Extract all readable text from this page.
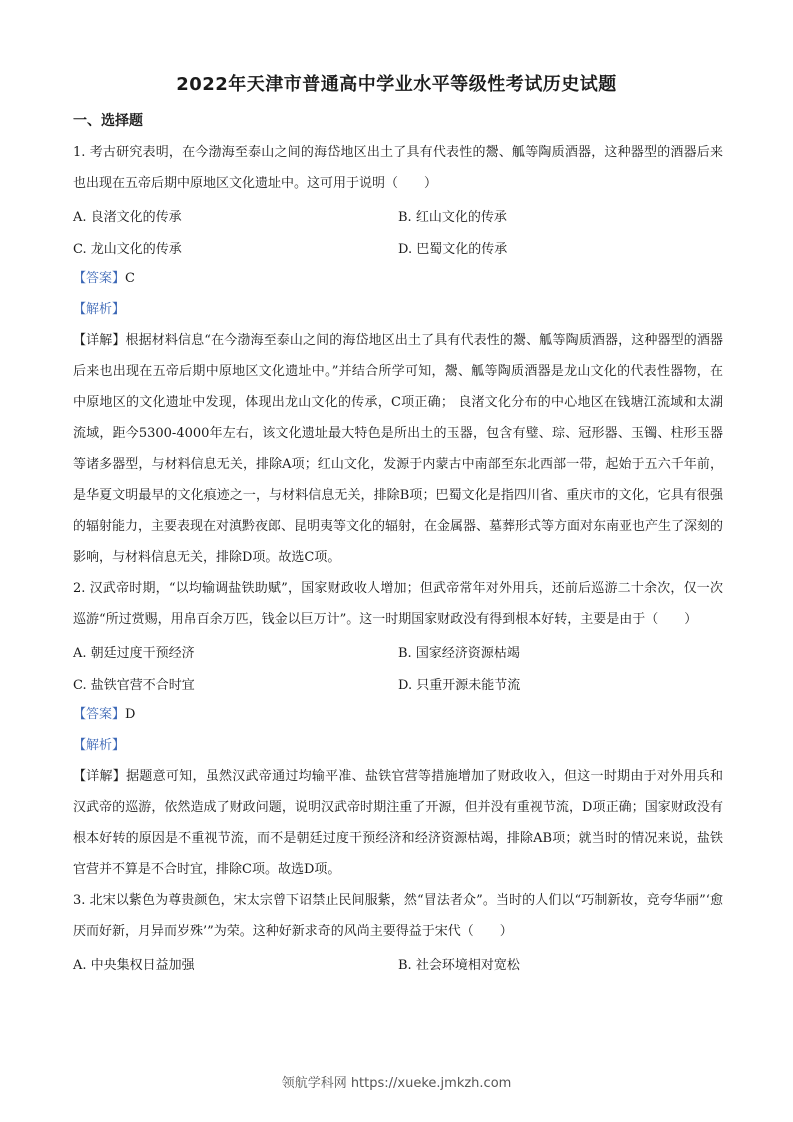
2022年天津市普通高中学业水平等级性考试历史试题
一、选择题

1. 考古研究表明，在今渤海至泰山之间的海岱地区出土了具有代表性的鬶、觚等陶质酒器，这种器型的酒器后来也出现在五帝后期中原地区文化遗址中。这可用于说明（　　）

A. 良渚文化的传承	B. 红山文化的传承
C. 龙山文化的传承	D. 巴蜀文化的传承

【答案】C

【解析】

【详解】根据材料信息“在今渤海至泰山之间的海岱地区出土了具有代表性的鬶、觚等陶质酒器，这种器型的酒器后来也出现在五帝后期中原地区文化遗址中。”并结合所学可知，鬶、觚等陶质酒器是龙山文化的代表性器物，在中原地区的文化遗址中发现，体现出龙山文化的传承，C项正确； 良渚文化分布的中心地区在钱塘江流域和太湖流域，距今5300-4000年左右，该文化遗址最大特色是所出土的玉器，包含有璧、琮、冠形器、玉镯、柱形玉器等诸多器型，与材料信息无关，排除A项；红山文化，发源于内蒙古中南部至东北西部一带，起始于五六千年前，是华夏文明最早的文化痕迹之一，与材料信息无关，排除B项；巴蜀文化是指四川省、重庆市的文化，它具有很强的辐射能力，主要表现在对滇黔夜郎、昆明夷等文化的辐射，在金属器、墓葬形式等方面对东南亚也产生了深刻的影响，与材料信息无关，排除D项。故选C项。

2. 汉武帝时期，“以均输调盐铁助赋”，国家财政收人增加；但武帝常年对外用兵，还前后巡游二十余次，仅一次巡游“所过赏赐，用帛百余万匹，钱金以巨万计”。这一时期国家财政没有得到根本好转，主要是由于（　　）

A. 朝廷过度干预经济	B. 国家经济资源枯竭
C. 盐铁官营不合时宜	D. 只重开源未能节流

【答案】D

【解析】

【详解】据题意可知，虽然汉武帝通过均输平准、盐铁官营等措施增加了财政收入，但这一时期由于对外用兵和汉武帝的巡游，依然造成了财政问题，说明汉武帝时期注重了开源，但并没有重视节流，D项正确；国家财政没有根本好转的原因是不重视节流，而不是朝廷过度干预经济和经济资源枯竭，排除AB项；就当时的情况来说，盐铁官营并不算是不合时宜，排除C项。故选D项。

3. 北宋以紫色为尊贵颜色，宋太宗曾下诏禁止民间服紫，然“冒法者众”。当时的人们以“巧制新妆，竞夸华丽”‘愈厌而好新，月异而岁殊’”为荣。这种好新求奇的风尚主要得益于宋代（　　）

A. 中央集权日益加强	B. 社会环境相对宽松
领航学科网 https://xueke.jmkzh.com
